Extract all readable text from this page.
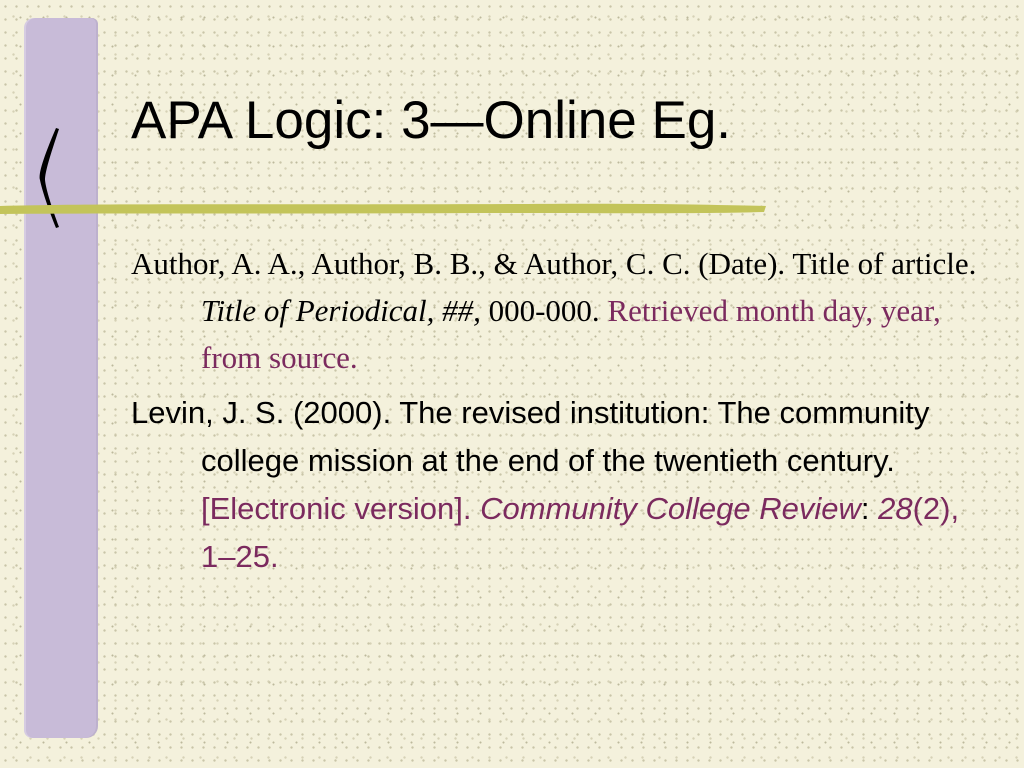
APA Logic: 3—Online Eg.

Author, A. A., Author, B. B., & Author, C. C. (Date). Title of article. Title of Periodical, ##, 000-000. Retrieved month day, year, from source.

Levin, J. S. (2000). The revised institution: The community college mission at the end of the twentieth century. [Electronic version]. Community College Review: 28(2), 1–25.
